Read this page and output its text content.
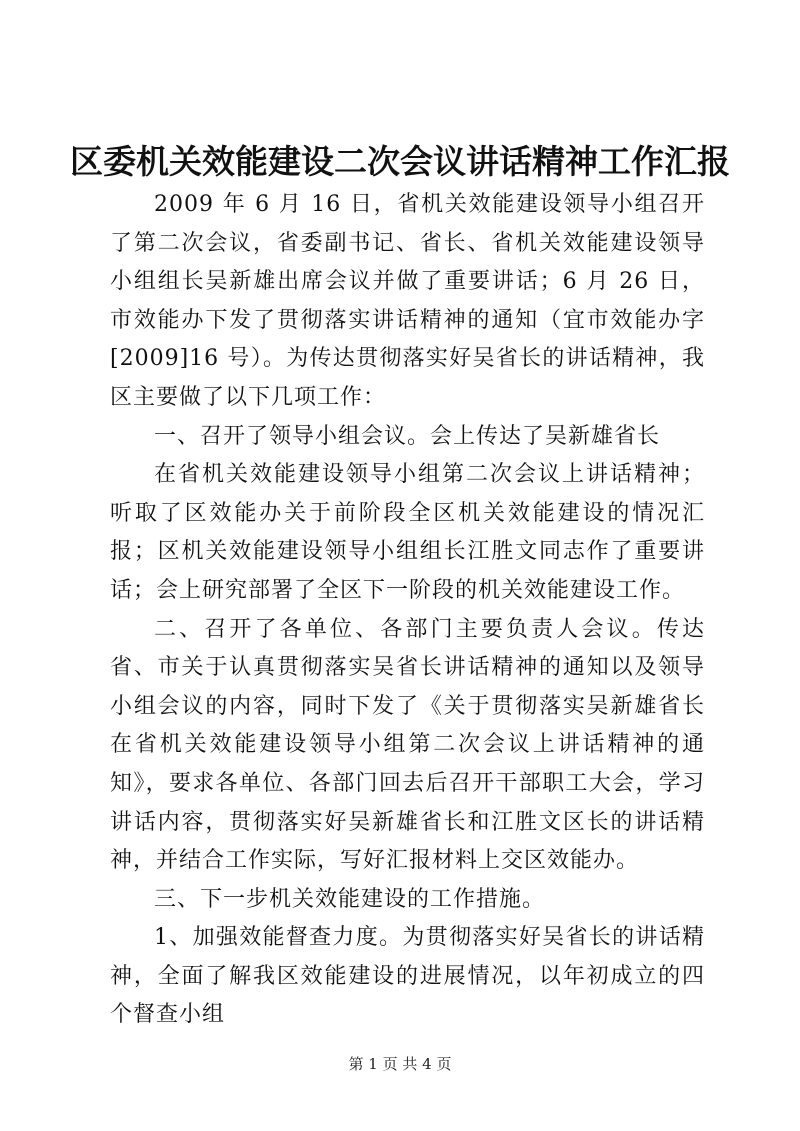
区委机关效能建设二次会议讲话精神工作汇报

2009 年 6 月 16 日，省机关效能建设领导小组召开了第二次会议，省委副书记、省长、省机关效能建设领导小组组长吴新雄出席会议并做了重要讲话；6 月 26 日，市效能办下发了贯彻落实讲话精神的通知（宜市效能办字[2009]16 号）。为传达贯彻落实好吴省长的讲话精神，我区主要做了以下几项工作：

一、召开了领导小组会议。会上传达了吴新雄省长

在省机关效能建设领导小组第二次会议上讲话精神；听取了区效能办关于前阶段全区机关效能建设的情况汇报；区机关效能建设领导小组组长江胜文同志作了重要讲话；会上研究部署了全区下一阶段的机关效能建设工作。

二、召开了各单位、各部门主要负责人会议。传达省、市关于认真贯彻落实吴省长讲话精神的通知以及领导小组会议的内容，同时下发了《关于贯彻落实吴新雄省长在省机关效能建设领导小组第二次会议上讲话精神的通知》，要求各单位、各部门回去后召开干部职工大会，学习讲话内容，贯彻落实好吴新雄省长和江胜文区长的讲话精神，并结合工作实际，写好汇报材料上交区效能办。

三、下一步机关效能建设的工作措施。

1、加强效能督查力度。为贯彻落实好吴省长的讲话精神，全面了解我区效能建设的进展情况，以年初成立的四个督查小组

第 1 页 共 4 页
